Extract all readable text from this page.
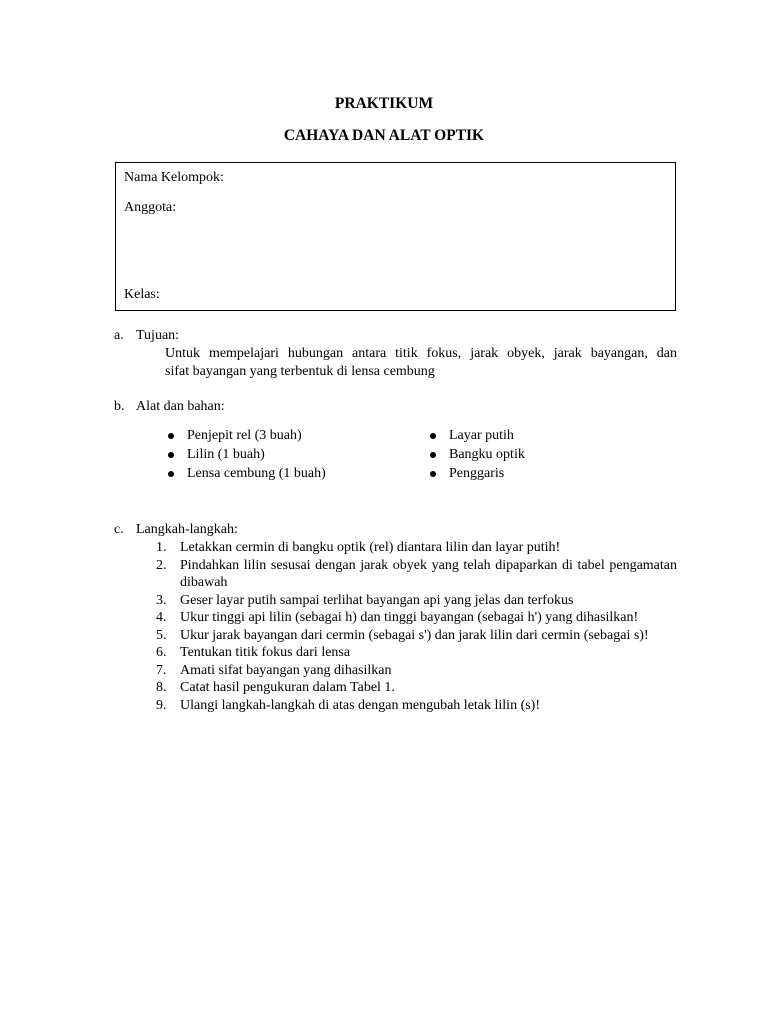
PRAKTIKUM
CAHAYA DAN ALAT OPTIK
Nama Kelompok:
Anggota:
Kelas:
a. Tujuan:
Untuk mempelajari hubungan antara titik fokus, jarak obyek, jarak bayangan, dan
sifat bayangan yang terbentuk di lensa cembung
b. Alat dan bahan:
Penjepit rel (3 buah)
Lilin (1 buah)
Lensa cembung (1 buah)
Layar putih
Bangku optik
Penggaris
c. Langkah-langkah:
1. Letakkan cermin di bangku optik (rel) diantara lilin dan layar putih!
2. Pindahkan lilin sesusai dengan jarak obyek yang telah dipaparkan di tabel pengamatan dibawah
3. Geser layar putih sampai terlihat bayangan api yang jelas dan terfokus
4. Ukur tinggi api lilin (sebagai h) dan tinggi bayangan (sebagai h') yang dihasilkan!
5. Ukur jarak bayangan dari cermin (sebagai s') dan jarak lilin dari cermin (sebagai s)!
6. Tentukan titik fokus dari lensa
7. Amati sifat bayangan yang dihasilkan
8. Catat hasil pengukuran dalam Tabel 1.
9. Ulangi langkah-langkah di atas dengan mengubah letak lilin (s)!
